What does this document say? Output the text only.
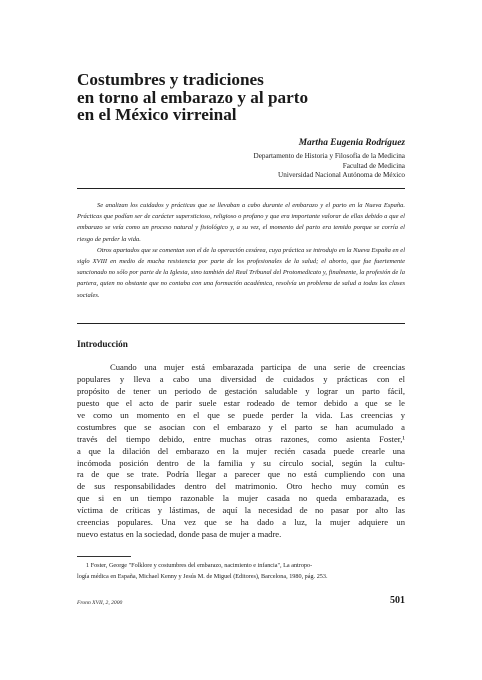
Costumbres y tradiciones
en torno al embarazo y al parto
en el México virreinal
Martha Eugenia Rodríguez
Departamento de Historia y Filosofía de la Medicina
Facultad de Medicina
Universidad Nacional Autónoma de México

Se analizan los cuidados y prácticas que se llevaban a cabo durante el embarazo y el parto en la Nueva España. Prácticas que podían ser de carácter supersticioso, religioso o profano y que era importante valorar de ellas debido a que el embarazo se veía como un proceso natural y fisiológico y, a su vez, el momento del parto era temido porque se corría el riesgo de perder la vida.

Otros apartados que se comentan son el de la operación cesárea, cuya práctica se introdujo en la Nueva España en el siglo XVIII en medio de mucha resistencia por parte de los profesionales de la salud; el aborto, que fue fuertemente sancionado no sólo por parte de la Iglesia, sino también del Real Tribunal del Protomedicato y, finalmente, la profesión de la partera, quien no obstante que no contaba con una formación académica, resolvía un problema de salud a todas las clases sociales.

Introducción
Cuando una mujer está embarazada participa de una serie de creencias
populares y lleva a cabo una diversidad de cuidados y prácticas con el
propósito de tener un periodo de gestación saludable y lograr un parto fácil,
puesto que el acto de parir suele estar rodeado de temor debido a que se le
ve como un momento en el que se puede perder la vida. Las creencias y
costumbres que se asocian con el embarazo y el parto se han acumulado a
través del tiempo debido, entre muchas otras razones, como asienta Foster,¹
a que la dilación del embarazo en la mujer recién casada puede crearle una
incómoda posición dentro de la familia y su círculo social, según la cultu-
ra de que se trate. Podría llegar a parecer que no está cumpliendo con una
de sus responsabilidades dentro del matrimonio. Otro hecho muy común es
que si en un tiempo razonable la mujer casada no queda embarazada, es
víctima de críticas y lástimas, de aquí la necesidad de no pasar por alto las
creencias populares. Una vez que se ha dado a luz, la mujer adquiere un
nuevo estatus en la sociedad, donde pasa de mujer a madre.
1 Foster, George "Folklore y costumbres del embarazo, nacimiento e infancia", La antropo-
logía médica en España, Michael Kenny y Jesús M. de Miguel (Editores), Barcelona, 1980, pág. 253.
Fronn XVII, 2, 2000	501
